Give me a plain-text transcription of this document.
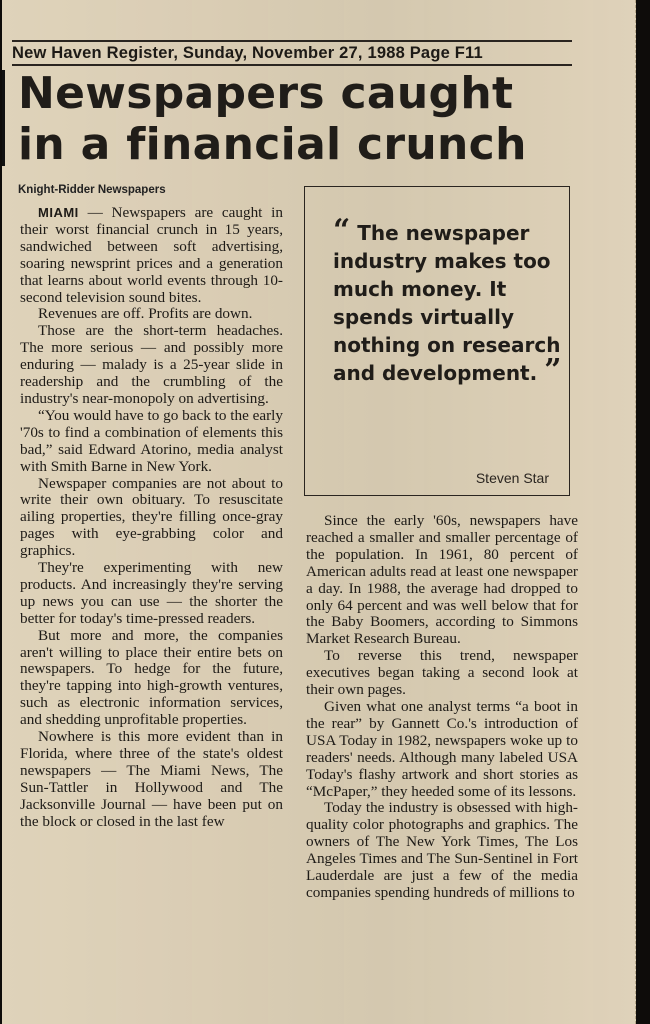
New Haven Register, Sunday, November 27, 1988 Page F11
Newspapers caught
in a financial crunch
Knight-Ridder Newspapers

MIAMI — Newspapers are caught in their worst financial crunch in 15 years, sandwiched between soft advertising, soaring newsprint prices and a generation that learns about world events through 10-second television sound bites.

Revenues are off. Profits are down.

Those are the short-term headaches. The more serious — and possibly more enduring — malady is a 25-year slide in readership and the crumbling of the industry's near-monopoly on advertising.

“You would have to go back to the early '70s to find a combination of elements this bad,” said Edward Atorino, media analyst with Smith Barne in New York.

Newspaper companies are not about to write their own obituary. To resuscitate ailing properties, they're filling once-gray pages with eye-grabbing color and graphics.

They're experimenting with new products. And increasingly they're serving up news you can use — the shorter the better for today's time-pressed readers.

But more and more, the companies aren't willing to place their entire bets on newspapers. To hedge for the future, they're tapping into high-growth ventures, such as electronic information services, and shedding unprofitable properties.

Nowhere is this more evident than in Florida, where three of the state's oldest newspapers — The Miami News, The Sun-Tattler in Hollywood and The Jacksonville Journal — have been put on the block or closed in the last few

“ The newspaper industry makes too much money. It spends virtually nothing on research and development. ”
Steven Star

Since the early '60s, newspapers have reached a smaller and smaller percentage of the population. In 1961, 80 percent of American adults read at least one newspaper a day. In 1988, the average had dropped to only 64 percent and was well below that for the Baby Boomers, according to Simmons Market Research Bureau.

To reverse this trend, newspaper executives began taking a second look at their own pages.

Given what one analyst terms “a boot in the rear” by Gannett Co.'s introduction of USA Today in 1982, newspapers woke up to readers' needs. Although many labeled USA Today's flashy artwork and short stories as “McPaper,” they heeded some of its lessons.

Today the industry is obsessed with high-quality color photographs and graphics. The owners of The New York Times, The Los Angeles Times and The Sun-Sentinel in Fort Lauderdale are just a few of the media companies spending hundreds of millions to
